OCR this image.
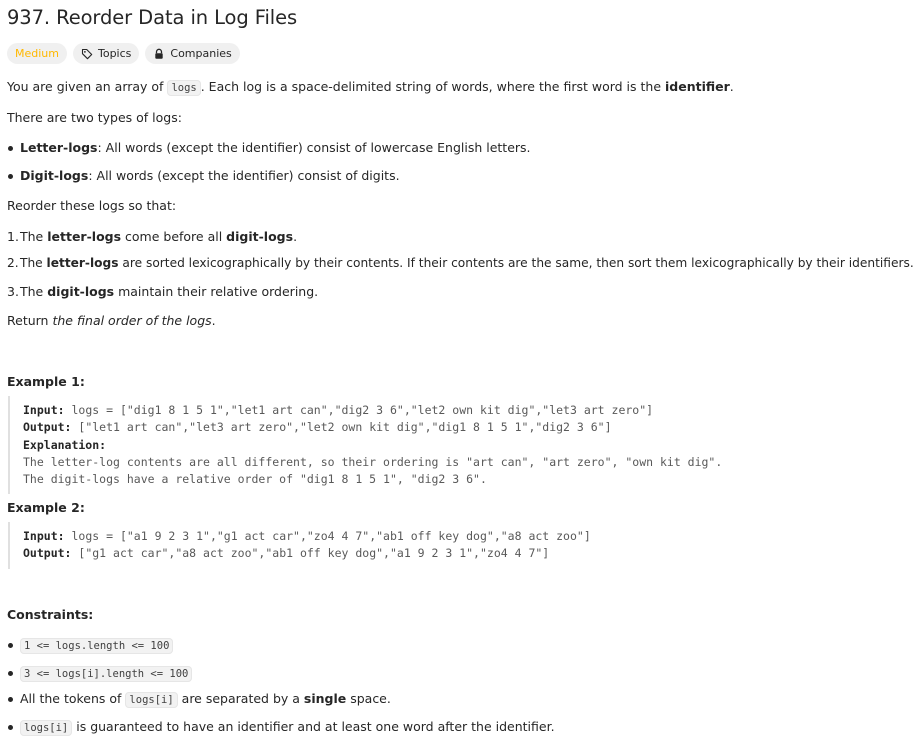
937. Reorder Data in Log Files
Medium	Topics	Companies
You are given an array of logs . Each log is a space-delimited string of words, where the first word is the identifier.
There are two types of logs:
Letter-logs: All words (except the identifier) consist of lowercase English letters.
Digit-logs: All words (except the identifier) consist of digits.
Reorder these logs so that:
1. The letter-logs come before all digit-logs.
2. The letter-logs are sorted lexicographically by their contents. If their contents are the same, then sort them lexicographically by their identifiers.
3. The digit-logs maintain their relative ordering.
Return the final order of the logs.
Example 1:
Input: logs = ["dig1 8 1 5 1","let1 art can","dig2 3 6","let2 own kit dig","let3 art zero"]
Output: ["let1 art can","let3 art zero","let2 own kit dig","dig1 8 1 5 1","dig2 3 6"]
Explanation:
The letter-log contents are all different, so their ordering is "art can", "art zero", "own kit dig".
The digit-logs have a relative order of "dig1 8 1 5 1", "dig2 3 6".
Example 2:
Input: logs = ["a1 9 2 3 1","g1 act car","zo4 4 7","ab1 off key dog","a8 act zoo"]
Output: ["g1 act car","a8 act zoo","ab1 off key dog","a1 9 2 3 1","zo4 4 7"]
Constraints:
1 <= logs.length <= 100
3 <= logs[i].length <= 100
All the tokens of logs[i] are separated by a single space.
logs[i] is guaranteed to have an identifier and at least one word after the identifier.
